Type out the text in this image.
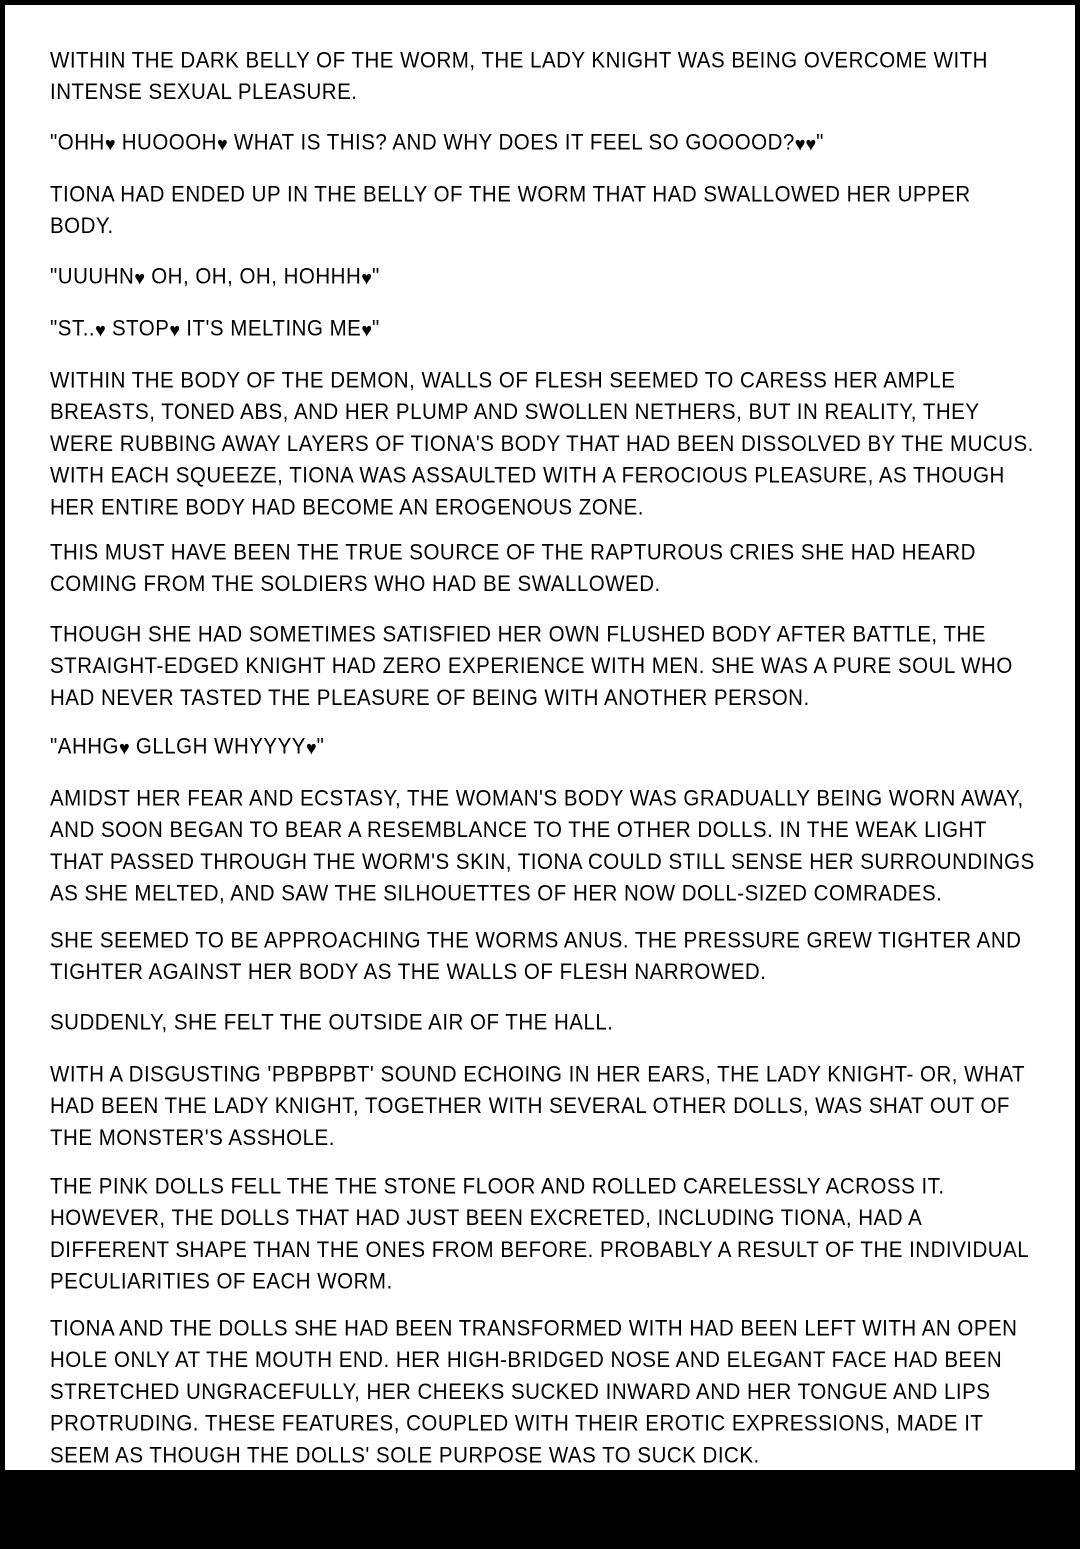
WITHIN THE DARK BELLY OF THE WORM, THE LADY KNIGHT WAS BEING OVERCOME WITH INTENSE SEXUAL PLEASURE.

"OHH♥ HUOOOH♥ WHAT IS THIS? AND WHY DOES IT FEEL SO GOOOOD?♥♥"

TIONA HAD ENDED UP IN THE BELLY OF THE WORM THAT HAD SWALLOWED HER UPPER BODY.

"UUUHN♥ OH, OH, OH, HOHHH♥"

"ST..♥ STOP♥ IT'S MELTING ME♥"

WITHIN THE BODY OF THE DEMON, WALLS OF FLESH SEEMED TO CARESS HER AMPLE BREASTS, TONED ABS, AND HER PLUMP AND SWOLLEN NETHERS, BUT IN REALITY, THEY WERE RUBBING AWAY LAYERS OF TIONA'S BODY THAT HAD BEEN DISSOLVED BY THE MUCUS. WITH EACH SQUEEZE, TIONA WAS ASSAULTED WITH A FEROCIOUS PLEASURE, AS THOUGH HER ENTIRE BODY HAD BECOME AN EROGENOUS ZONE.

THIS MUST HAVE BEEN THE TRUE SOURCE OF THE RAPTUROUS CRIES SHE HAD HEARD COMING FROM THE SOLDIERS WHO HAD BE SWALLOWED.

THOUGH SHE HAD SOMETIMES SATISFIED HER OWN FLUSHED BODY AFTER BATTLE, THE STRAIGHT-EDGED KNIGHT HAD ZERO EXPERIENCE WITH MEN. SHE WAS A PURE SOUL WHO HAD NEVER TASTED THE PLEASURE OF BEING WITH ANOTHER PERSON.

"AHHG♥ GLLGH WHYYYY♥"

AMIDST HER FEAR AND ECSTASY, THE WOMAN'S BODY WAS GRADUALLY BEING WORN AWAY, AND SOON BEGAN TO BEAR A RESEMBLANCE TO THE OTHER DOLLS. IN THE WEAK LIGHT THAT PASSED THROUGH THE WORM'S SKIN, TIONA COULD STILL SENSE HER SURROUNDINGS AS SHE MELTED, AND SAW THE SILHOUETTES OF HER NOW DOLL-SIZED COMRADES.

SHE SEEMED TO BE APPROACHING THE WORMS ANUS. THE PRESSURE GREW TIGHTER AND TIGHTER AGAINST HER BODY AS THE WALLS OF FLESH NARROWED.

SUDDENLY, SHE FELT THE OUTSIDE AIR OF THE HALL.

WITH A DISGUSTING 'PBPBPBT' SOUND ECHOING IN HER EARS, THE LADY KNIGHT- OR, WHAT HAD BEEN THE LADY KNIGHT, TOGETHER WITH SEVERAL OTHER DOLLS, WAS SHAT OUT OF THE MONSTER'S ASSHOLE.

THE PINK DOLLS FELL THE THE STONE FLOOR AND ROLLED CARELESSLY ACROSS IT. HOWEVER, THE DOLLS THAT HAD JUST BEEN EXCRETED, INCLUDING TIONA, HAD A DIFFERENT SHAPE THAN THE ONES FROM BEFORE. PROBABLY A RESULT OF THE INDIVIDUAL PECULIARITIES OF EACH WORM.

TIONA AND THE DOLLS SHE HAD BEEN TRANSFORMED WITH HAD BEEN LEFT WITH AN OPEN HOLE ONLY AT THE MOUTH END. HER HIGH-BRIDGED NOSE AND ELEGANT FACE HAD BEEN STRETCHED UNGRACEFULLY, HER CHEEKS SUCKED INWARD AND HER TONGUE AND LIPS PROTRUDING. THESE FEATURES, COUPLED WITH THEIR EROTIC EXPRESSIONS, MADE IT SEEM AS THOUGH THE DOLLS' SOLE PURPOSE WAS TO SUCK DICK.

THESE OBJECTS WOULD LATER COME TO BE KNOWN AS "FELAHOLES" [AS IN, FELLATIO HOLES] AMONGST ADVENTURES.
